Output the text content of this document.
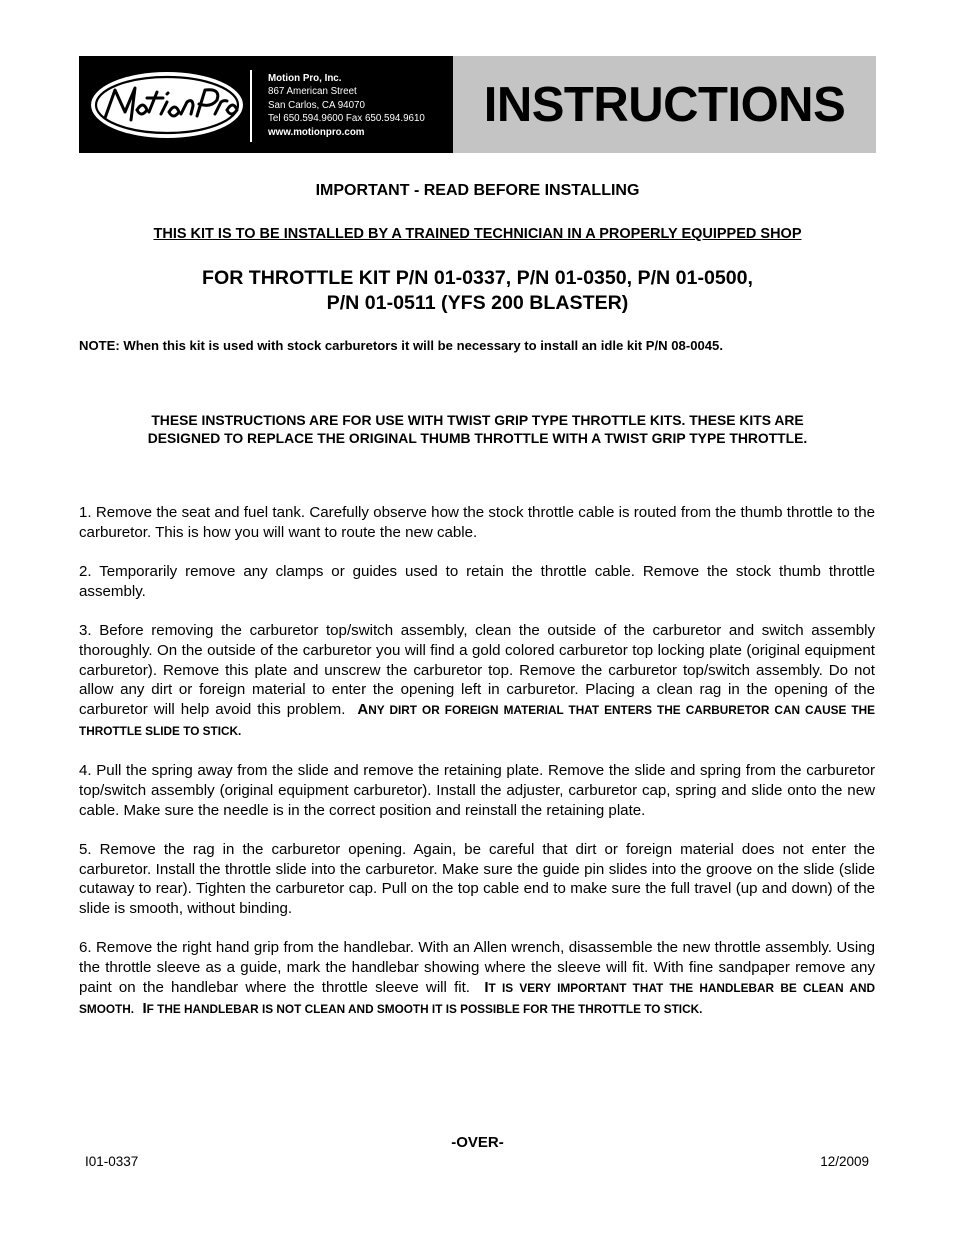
Motion Pro, Inc.
867 American Street
San Carlos, CA 94070
Tel 650.594.9600 Fax 650.594.9610
www.motionpro.com
INSTRUCTIONS
IMPORTANT - READ BEFORE INSTALLING
THIS KIT IS TO BE INSTALLED BY A TRAINED TECHNICIAN IN A PROPERLY EQUIPPED SHOP
FOR THROTTLE KIT P/N 01-0337, P/N 01-0350, P/N 01-0500,
P/N 01-0511 (YFS 200 BLASTER)
NOTE: When this kit is used with stock carburetors it will be necessary to install an idle kit P/N 08-0045.
THESE INSTRUCTIONS ARE FOR USE WITH TWIST GRIP TYPE THROTTLE KITS. THESE KITS ARE
DESIGNED TO REPLACE THE ORIGINAL THUMB THROTTLE WITH A TWIST GRIP TYPE THROTTLE.

1. Remove the seat and fuel tank. Carefully observe how the stock throttle cable is routed from the thumb throttle to the carburetor. This is how you will want to route the new cable.

2. Temporarily remove any clamps or guides used to retain the throttle cable. Remove the stock thumb throttle assembly.

3. Before removing the carburetor top/switch assembly, clean the outside of the carburetor and switch assembly thoroughly. On the outside of the carburetor you will find a gold colored carburetor top locking plate (original equipment carburetor). Remove this plate and unscrew the carburetor top. Remove the carburetor top/switch assembly. Do not allow any dirt or foreign material to enter the opening left in carburetor. Placing a clean rag in the opening of the carburetor will help avoid this problem. ANY DIRT OR FOREIGN MATERIAL THAT ENTERS THE CARBURETOR CAN CAUSE THE THROTTLE SLIDE TO STICK.

4. Pull the spring away from the slide and remove the retaining plate. Remove the slide and spring from the carburetor top/switch assembly (original equipment carburetor). Install the adjuster, carburetor cap, spring and slide onto the new cable. Make sure the needle is in the correct position and reinstall the retaining plate.

5. Remove the rag in the carburetor opening. Again, be careful that dirt or foreign material does not enter the carburetor. Install the throttle slide into the carburetor. Make sure the guide pin slides into the groove on the slide (slide cutaway to rear). Tighten the carburetor cap. Pull on the top cable end to make sure the full travel (up and down) of the slide is smooth, without binding.

6. Remove the right hand grip from the handlebar. With an Allen wrench, disassemble the new throttle assembly. Using the throttle sleeve as a guide, mark the handlebar showing where the sleeve will fit. With fine sandpaper remove any paint on the handlebar where the throttle sleeve will fit. IT IS VERY IMPORTANT THAT THE HANDLEBAR BE CLEAN AND SMOOTH. IF THE HANDLEBAR IS NOT CLEAN AND SMOOTH IT IS POSSIBLE FOR THE THROTTLE TO STICK.

-OVER-
I01-0337	12/2009
